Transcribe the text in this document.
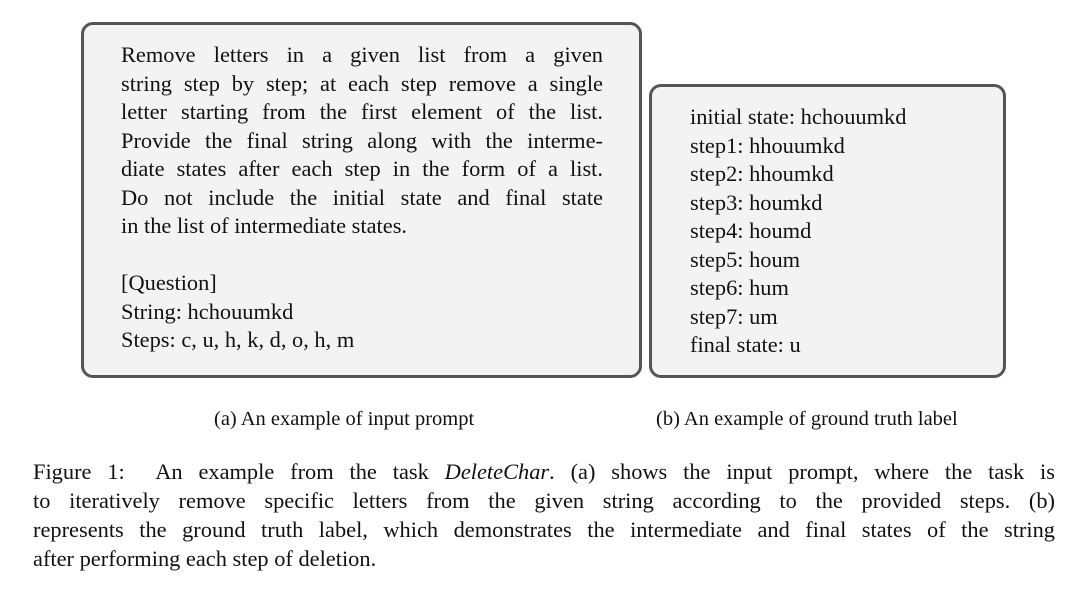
Remove letters in a given list from a given
string step by step; at each step remove a single
letter starting from the first element of the list.
Provide the final string along with the interme-
diate states after each step in the form of a list.
Do not include the initial state and final state
in the list of intermediate states.
[Question]
String: hchouumkd
Steps: c, u, h, k, d, o, h, m
initial state: hchouumkd
step1: hhouumkd
step2: hhoumkd
step3: houmkd
step4: houmd
step5: houm
step6: hum
step7: um
final state: u
(a) An example of input prompt	(b) An example of ground truth label
Figure 1: An example from the task DeleteChar. (a) shows the input prompt, where the task is
to iteratively remove specific letters from the given string according to the provided steps. (b)
represents the ground truth label, which demonstrates the intermediate and final states of the string
after performing each step of deletion.
